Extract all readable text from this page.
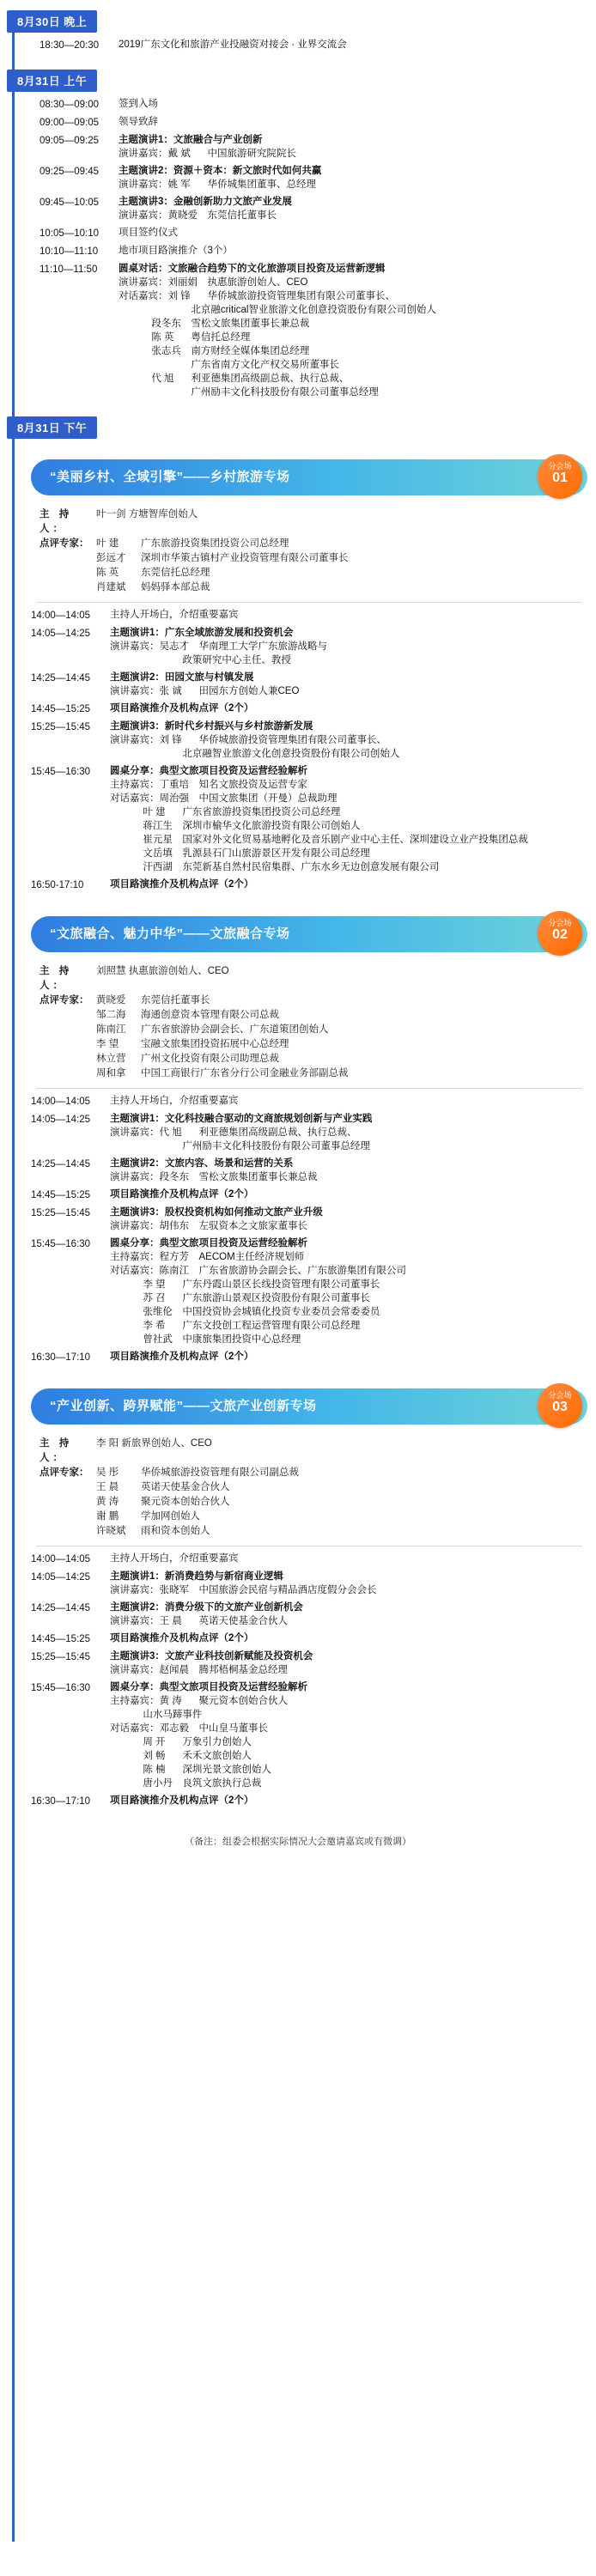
8月30日 晚上
18:30—20:30	2019广东文化和旅游产业投融资对接会 · 业界交流会
8月31日 上午
08:30—09:00	签到入场
09:00—09:05	领导致辞
09:05—09:25	主题演讲1：文旅融合与产业创新
演讲嘉宾： 戴 斌 中国旅游研究院院长
09:25—09:45	主题演讲2：资源＋资本：新文旅时代如何共赢
演讲嘉宾： 姚 军 华侨城集团董事、总经理
09:45—10:05	主题演讲3：金融创新助力文旅产业发展
演讲嘉宾： 黄晓爱 东莞信托董事长
10:05—10:10	项目签约仪式
10:10—11:10	地市项目路演推介（3个）
11:10—11:50	圆桌对话：文旅融合趋势下的文化旅游项目投资及运营新逻辑
演讲嘉宾： 刘丽娟 执惠旅游创始人、CEO
对话嘉宾： 刘 锋 华侨城旅游投资管理集团有限公司董事长、

北京融critical智业旅游文化创意投资股份有限公司创始人

段冬东 雪松文旅集团董事长兼总裁

陈 英 粤信托总经理

张志兵 南方财经全媒体集团总经理

广东省南方文化产权交易所董事长

代 旭 利亚德集团高级副总裁、执行总裁、

广州励丰文化科技股份有限公司董事总经理
8月31日 下午
“美丽乡村、全域引擎”——乡村旅游专场
分会场
01
主 持 人：
叶一剑 方塘智库创始人
点评专家： 叶 建 广东旅游投资集团投资公司总经理
彭远才 深圳市华策古镇村产业投资管理有限公司董事长
陈 英 东莞信托总经理
肖建斌 妈妈驿本部总裁
14:00—14:05	主持人开场白，介绍重要嘉宾
14:05—14:25	主题演讲1：广东全域旅游发展和投资机会
演讲嘉宾： 吴志才 华南理工大学广东旅游战略与

政策研究中心主任、教授
14:25—14:45	主题演讲2：田园文旅与村镇发展
演讲嘉宾： 张 诚 田园东方创始人兼CEO
14:45—15:25	项目路演推介及机构点评（2个）
15:25—15:45	主题演讲3：新时代乡村振兴与乡村旅游新发展
演讲嘉宾： 刘 锋 华侨城旅游投资管理集团有限公司董事长、

北京融智业旅游文化创意投资股份有限公司创始人
15:45—16:30	圆桌分享：典型文旅项目投资及运营经验解析
主持嘉宾： 丁重培 知名文旅投资及运营专家
对话嘉宾： 周治强 中国文旅集团（开曼）总裁助理

叶 建 广东省旅游投资集团投资公司总经理

蒋江生 深圳市榆华文化旅游投资有限公司创始人

崔元星 国家对外文化贸易基地孵化及音乐剧产业中心主任、深圳建设立业产投集团总裁

文岳填 乳源县石门山旅游景区开发有限公司总经理

汗西湖 东莞新基自然村民宿集群、广东水乡无边创意发展有限公司
16:50-17:10	项目路演推介及机构点评（2个）
“文旅融合、魅力中华”——文旅融合专场
分会场
02
主 持 人：
刘照慧 执惠旅游创始人、CEO
点评专家： 黄晓爱 东莞信托董事长
邹二海 海通创意资本管理有限公司总裁
陈南江 广东省旅游协会副会长、广东道策团创始人
李 望 宝融文旅集团投资拓展中心总经理
林立营 广州文化投资有限公司助理总裁
周和拿 中国工商银行广东省分行公司金融业务部副总裁
14:00—14:05	主持人开场白，介绍重要嘉宾
14:05—14:25	主题演讲1：文化科技融合驱动的文商旅规划创新与产业实践
演讲嘉宾： 代 旭 利亚德集团高级副总裁、执行总裁、

广州励丰文化科技股份有限公司董事总经理
14:25—14:45	主题演讲2：文旅内容、场景和运营的关系
演讲嘉宾： 段冬东 雪松文旅集团董事长兼总裁
14:45—15:25	项目路演推介及机构点评（2个）
15:25—15:45	主题演讲3：股权投资机构如何推动文旅产业升级
演讲嘉宾： 胡伟东 左驭资本之文旅家董事长
15:45—16:30	圆桌分享：典型文旅项目投资及运营经验解析
主持嘉宾： 程方芳 AECOM主任经济规划师
对话嘉宾： 陈南江 广东省旅游协会副会长、广东旅游集团有限公司

李 望 广东丹霞山景区长线投资管理有限公司董事长

苏 召 广东旅游山景观区投资股份有限公司董事长

张维伦 中国投资协会城镇化投资专业委员会常委委员

李 希 广东文投创工程运营管理有限公司总经理

曾社武 中康旅集团投资中心总经理
16:30—17:10	项目路演推介及机构点评（2个）
“产业创新、跨界赋能”——文旅产业创新专场
分会场
03
主 持 人：
李 阳 新旅界创始人、CEO
点评专家： 吴 彤 华侨城旅游投资管理有限公司副总裁
王 晨 英诺天使基金合伙人
黄 涛 聚元资本创始合伙人
谢 鹏 学加网创始人
许晓斌 雨和资本创始人
14:00—14:05	主持人开场白，介绍重要嘉宾
14:05—14:25	主题演讲1：新消费趋势与新宿商业逻辑
演讲嘉宾： 张晓军 中国旅游会民宿与精品酒店度假分会会长
14:25—14:45	主题演讲2：消费分级下的文旅产业创新机会
演讲嘉宾： 王 晨 英诺天使基金合伙人
14:45—15:25	项目路演推介及机构点评（2个）
15:25—15:45	主题演讲3：文旅产业科技创新赋能及投资机会
演讲嘉宾： 赵闻晨 腾邦梧桐基金总经理
15:45—16:30	圆桌分享：典型文旅项目投资及运营经验解析
主持嘉宾： 黄 涛 聚元资本创始合伙人

山水马蹄事件
对话嘉宾： 邓志毅 中山皇马董事长

周 开 万象引力创始人

刘 畅 禾禾文旅创始人

陈 楠 深圳光景文旅创始人

唐小丹 良筑文旅执行总裁
16:30—17:10	项目路演推介及机构点评（2个）
（备注：组委会根据实际情况大会邀请嘉宾或有微调）
